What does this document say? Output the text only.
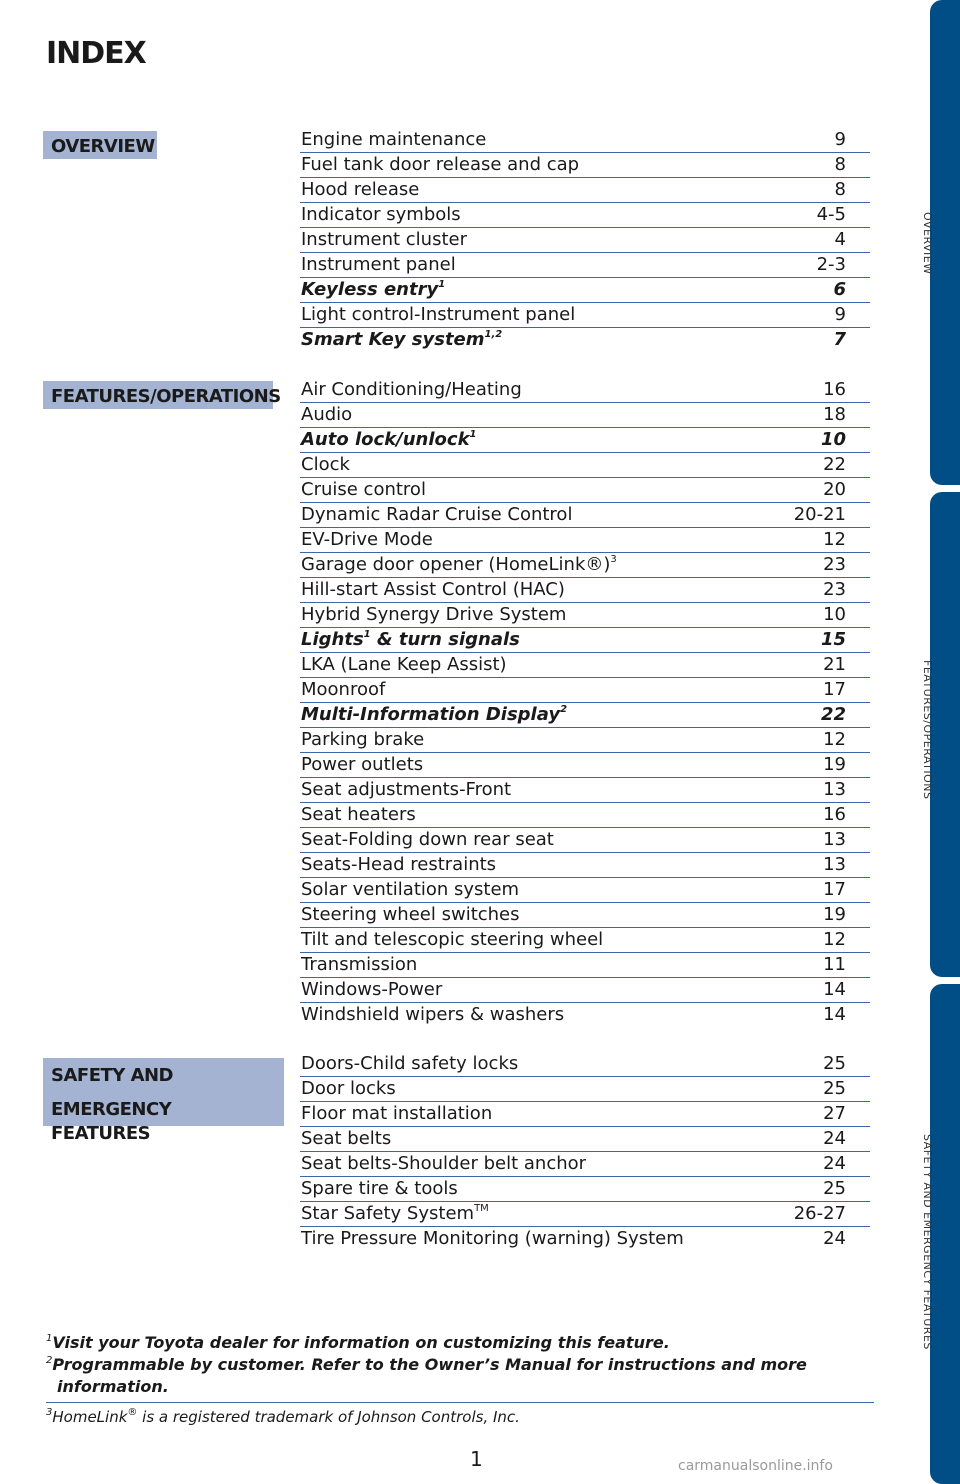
INDEX
OVERVIEW
FEATURES/OPERATIONS
SAFETY AND
EMERGENCY FEATURES
Engine maintenance	9
Fuel tank door release and cap	8
Hood release	8
Indicator symbols	4-5
Instrument cluster	4
Instrument panel	2-3
Keyless entry$^1$	6
Light control-Instrument panel	9
Smart Key system$^{1,2}$	7
Air Conditioning/Heating	16
Audio	18
Auto lock/unlock$^1$	10
Clock	22
Cruise control	20
Dynamic Radar Cruise Control	20-21
EV-Drive Mode	12
Garage door opener (HomeLink®)$^3$	23
Hill-start Assist Control (HAC)	23
Hybrid Synergy Drive System	10
Lights$^1$ & turn signals	15
LKA (Lane Keep Assist)	21
Moonroof	17
Multi-Information Display$^2$	22
Parking brake	12
Power outlets	19
Seat adjustments-Front	13
Seat heaters	16
Seat-Folding down rear seat	13
Seats-Head restraints	13
Solar ventilation system	17
Steering wheel switches	19
Tilt and telescopic steering wheel	12
Transmission	11
Windows-Power	14
Windshield wipers & washers	14
Doors-Child safety locks	25
Door locks	25
Floor mat installation	27
Seat belts	24
Seat belts-Shoulder belt anchor	24
Spare tire & tools	25
Star Safety System™	26-27
Tire Pressure Monitoring (warning) System	24
OVERVIEW
FEATURES/OPERATIONS
SAFETY AND EMERGENCY FEATURES
$^1$Visit your Toyota dealer for information on customizing this feature.
$^2$Programmable by customer. Refer to the Owner’s Manual for instructions and more
information.
$^3$HomeLink® is a registered trademark of Johnson Controls, Inc.
1	carmanualsonline.info
